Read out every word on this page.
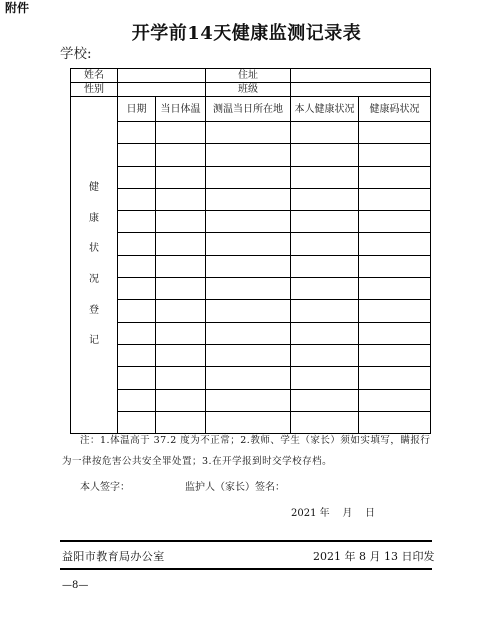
附件
开学前14天健康监测记录表
学校:
姓名			住址		
性别			班级		

健康状况登记	日期	当日体温	测温当日所在地	本人健康状况	健康码状况

注：1.体温高于 37.2 度为不正常；2.教师、学生（家长）须如实填写，瞒报行
为一律按危害公共安全罪处置；3.在开学报到时交学校存档。
本人签字：	监护人（家长）签名：
2021 年    月    日
益阳市教育局办公室	2021 年 8 月 13 日印发
—8—
